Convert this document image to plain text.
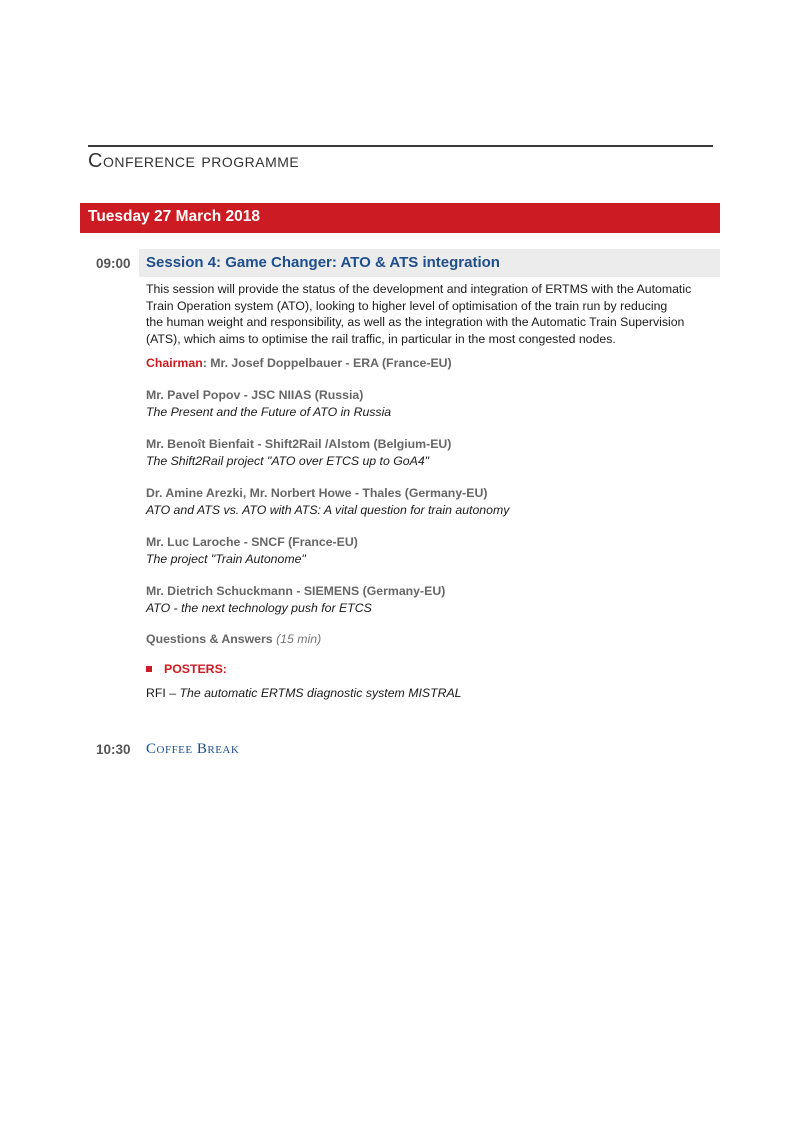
Conference programme
Tuesday 27 March 2018
09:00 Session 4: Game Changer: ATO & ATS integration
This session will provide the status of the development and integration of ERTMS with the Automatic
Train Operation system (ATO), looking to higher level of optimisation of the train run by reducing
the human weight and responsibility, as well as the integration with the Automatic Train Supervision
(ATS), which aims to optimise the rail traffic, in particular in the most congested nodes.
Chairman: Mr. Josef Doppelbauer - ERA (France-EU)
Mr. Pavel Popov - JSC NIIAS (Russia)
The Present and the Future of ATO in Russia
Mr. Benoît Bienfait - Shift2Rail /Alstom (Belgium-EU)
The Shift2Rail project "ATO over ETCS up to GoA4"
Dr. Amine Arezki, Mr. Norbert Howe - Thales (Germany-EU)
ATO and ATS vs. ATO with ATS: A vital question for train autonomy
Mr. Luc Laroche - SNCF (France-EU)
The project "Train Autonome"
Mr. Dietrich Schuckmann - SIEMENS (Germany-EU)
ATO - the next technology push for ETCS
Questions & Answers (15 min)
POSTERS:
RFI – The automatic ERTMS diagnostic system MISTRAL
10:30 Coffee Break
